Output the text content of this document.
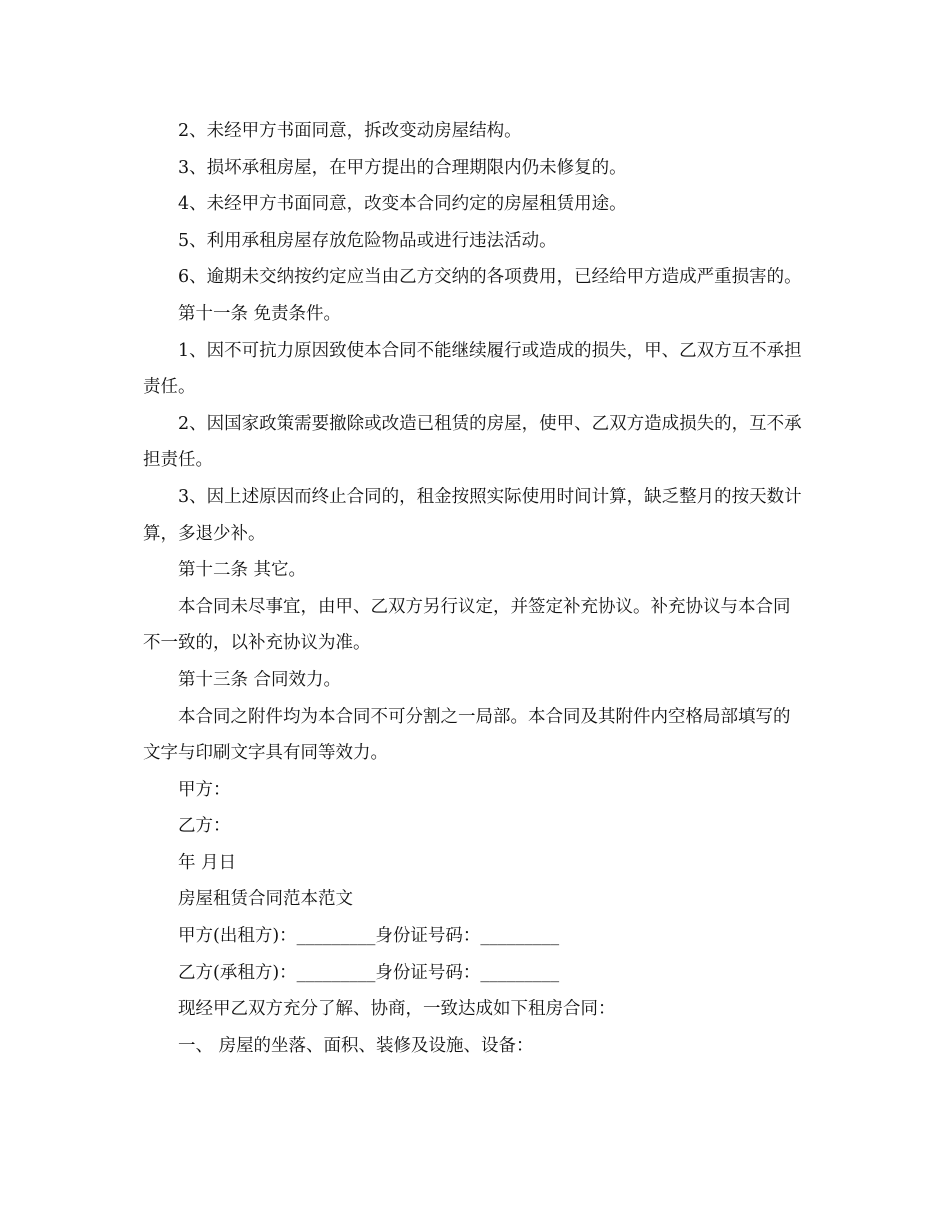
2、未经甲方书面同意，拆改变动房屋结构。

3、损坏承租房屋，在甲方提出的合理期限内仍未修复的。

4、未经甲方书面同意，改变本合同约定的房屋租赁用途。

5、利用承租房屋存放危险物品或进行违法活动。

6、逾期未交纳按约定应当由乙方交纳的各项费用，已经给甲方造成严重损害的。

第十一条 免责条件。

1、因不可抗力原因致使本合同不能继续履行或造成的损失，甲、乙双方互不承担责任。

2、因国家政策需要撤除或改造已租赁的房屋，使甲、乙双方造成损失的，互不承担责任。

3、因上述原因而终止合同的，租金按照实际使用时间计算，缺乏整月的按天数计算，多退少补。

第十二条 其它。

本合同未尽事宜，由甲、乙双方另行议定，并签定补充协议。补充协议与本合同不一致的，以补充协议为准。

第十三条 合同效力。

本合同之附件均为本合同不可分割之一局部。本合同及其附件内空格局部填写的文字与印刷文字具有同等效力。

甲方：

乙方：

年 月日

房屋租赁合同范本范文

甲方(出租方)：_________身份证号码：_________

乙方(承租方)：_________身份证号码：_________

现经甲乙双方充分了解、协商，一致达成如下租房合同：

一、 房屋的坐落、面积、装修及设施、设备：
